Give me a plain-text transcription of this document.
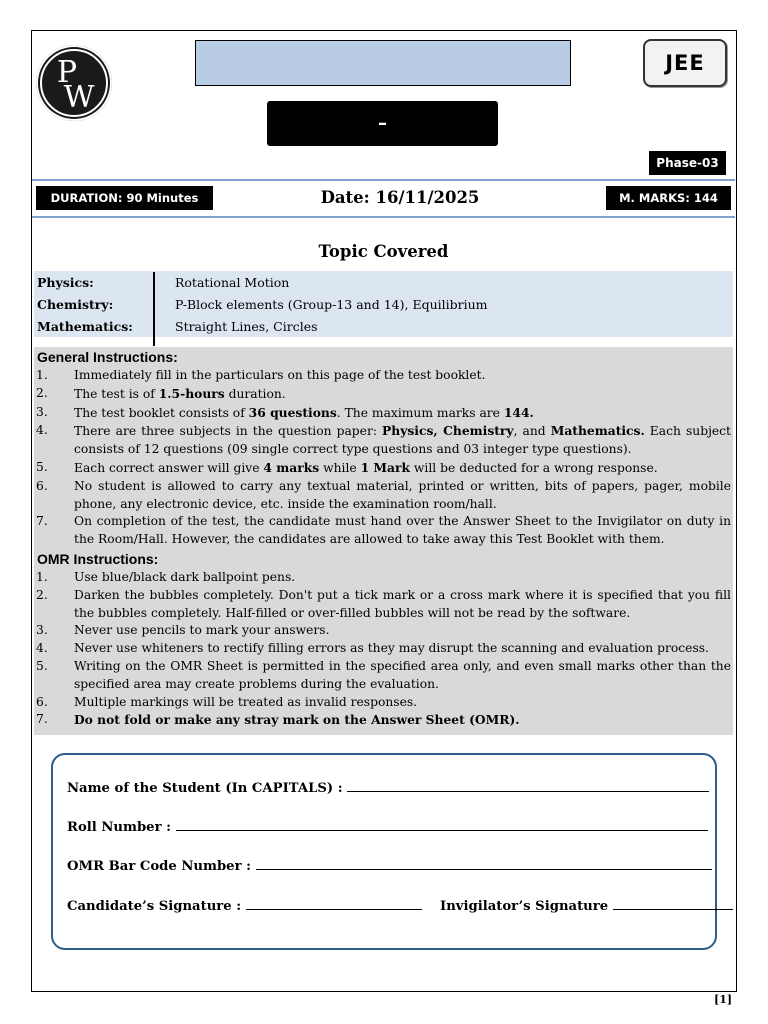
P
W
–
JEE
Phase-03
DURATION: 90 Minutes	Date: 16/11/2025	M. MARKS: 144
Topic Covered
Physics:	Rotational Motion
Chemistry:	P-Block elements (Group-13 and 14), Equilibrium
Mathematics:	Straight Lines, Circles
General Instructions:
1.	Immediately fill in the particulars on this page of the test booklet.
2.	The test is of 1.5-hours duration.
3.	The test booklet consists of 36 questions. The maximum marks are 144.
4.	There are three subjects in the question paper: Physics, Chemistry, and Mathematics. Each subject consists of 12 questions (09 single correct type questions and 03 integer type questions).
5.	Each correct answer will give 4 marks while 1 Mark will be deducted for a wrong response.
6.	No student is allowed to carry any textual material, printed or written, bits of papers, pager, mobile phone, any electronic device, etc. inside the examination room/hall.
7.	On completion of the test, the candidate must hand over the Answer Sheet to the Invigilator on duty in the Room/Hall. However, the candidates are allowed to take away this Test Booklet with them.
OMR Instructions:
1.	Use blue/black dark ballpoint pens.
2.	Darken the bubbles completely. Don't put a tick mark or a cross mark where it is specified that you fill the bubbles completely. Half-filled or over-filled bubbles will not be read by the software.
3.	Never use pencils to mark your answers.
4.	Never use whiteners to rectify filling errors as they may disrupt the scanning and evaluation process.
5.	Writing on the OMR Sheet is permitted in the specified area only, and even small marks other than the specified area may create problems during the evaluation.
6.	Multiple markings will be treated as invalid responses.
7.	Do not fold or make any stray mark on the Answer Sheet (OMR).
Name of the Student (In CAPITALS) :
Roll Number :
OMR Bar Code Number :
Candidate’s Signature :	Invigilator’s Signature
[1]
